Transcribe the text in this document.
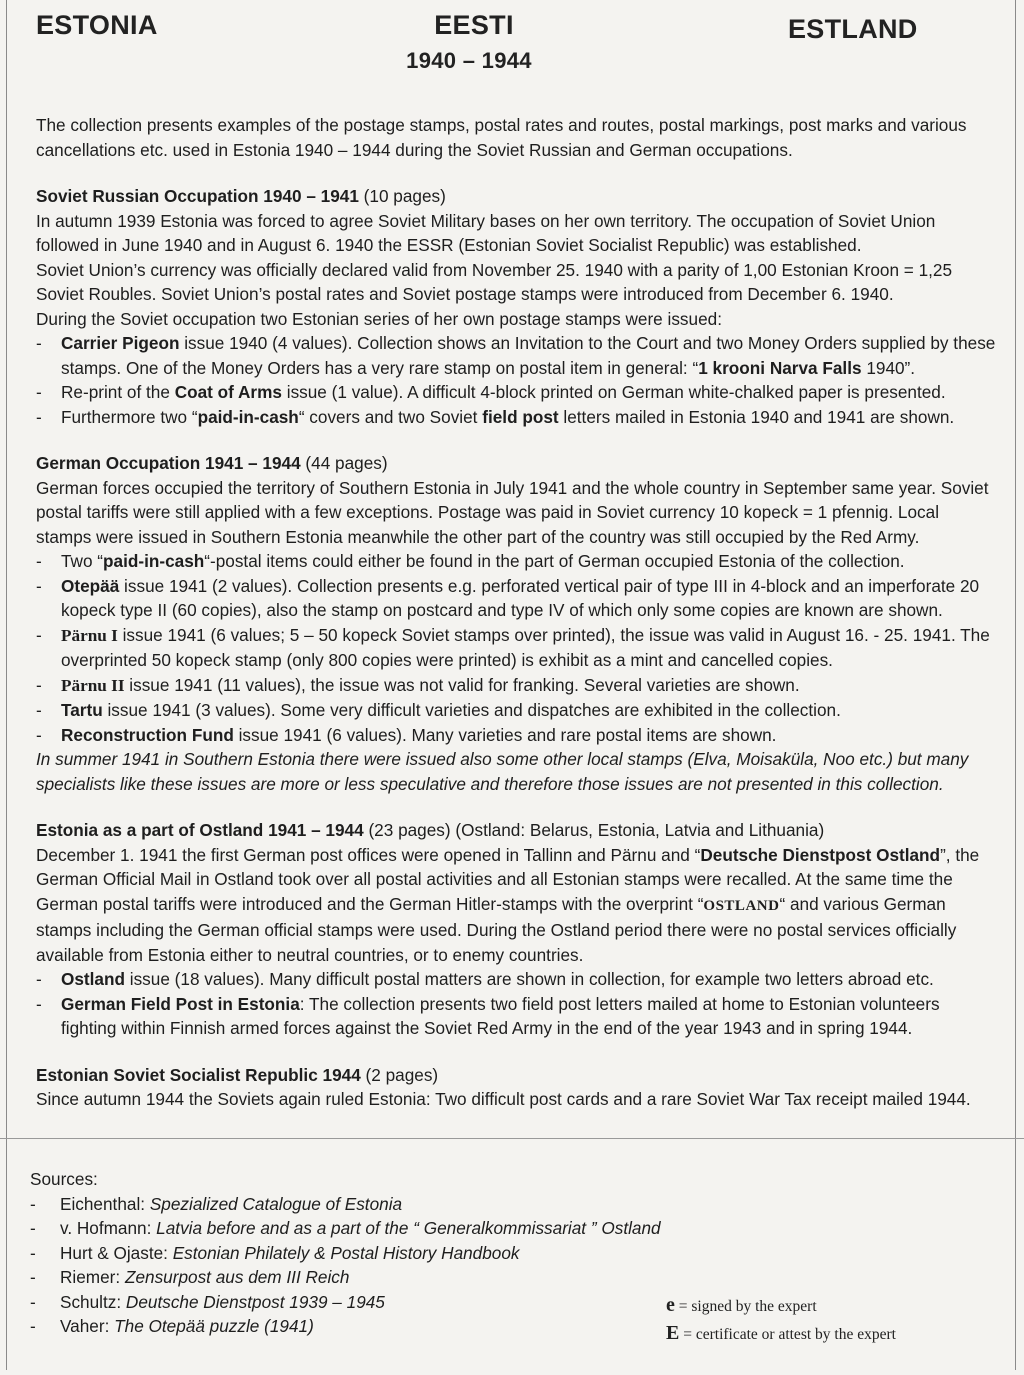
ESTONIA	EESTI	ESTLAND
1940 – 1944

The collection presents examples of the postage stamps, postal rates and routes, postal markings, post marks and various cancellations etc. used in Estonia 1940 – 1944 during the Soviet Russian and German occupations.

Soviet Russian Occupation 1940 – 1941 (10 pages)

In autumn 1939 Estonia was forced to agree Soviet Military bases on her own territory. The occupation of Soviet Union followed in June 1940 and in August 6. 1940 the ESSR (Estonian Soviet Socialist Republic) was established.

Soviet Union’s currency was officially declared valid from November 25. 1940 with a parity of 1,00 Estonian Kroon = 1,25 Soviet Roubles. Soviet Union’s postal rates and Soviet postage stamps were introduced from December 6. 1940.

During the Soviet occupation two Estonian series of her own postage stamps were issued:

-	Carrier Pigeon issue 1940 (4 values). Collection shows an Invitation to the Court and two Money Orders supplied by these stamps. One of the Money Orders has a very rare stamp on postal item in general: “1 krooni Narva Falls 1940”.
-	Re-print of the Coat of Arms issue (1 value). A difficult 4-block printed on German white-chalked paper is presented.
-	Furthermore two “paid-in-cash“ covers and two Soviet field post letters mailed in Estonia 1940 and 1941 are shown.

German Occupation 1941 – 1944 (44 pages)

German forces occupied the territory of Southern Estonia in July 1941 and the whole country in September same year. Soviet postal tariffs were still applied with a few exceptions. Postage was paid in Soviet currency 10 kopeck = 1 pfennig. Local stamps were issued in Southern Estonia meanwhile the other part of the country was still occupied by the Red Army.

-	Two “paid-in-cash“-postal items could either be found in the part of German occupied Estonia of the collection.
-	Otepää issue 1941 (2 values). Collection presents e.g. perforated vertical pair of type III in 4-block and an imperforate 20 kopeck type II (60 copies), also the stamp on postcard and type IV of which only some copies are known are shown.
-	Pärnu I issue 1941 (6 values; 5 – 50 kopeck Soviet stamps over printed), the issue was valid in August 16. - 25. 1941. The overprinted 50 kopeck stamp (only 800 copies were printed) is exhibit as a mint and cancelled copies.
-	Pärnu II issue 1941 (11 values), the issue was not valid for franking. Several varieties are shown.
-	Tartu issue 1941 (3 values). Some very difficult varieties and dispatches are exhibited in the collection.
-	Reconstruction Fund issue 1941 (6 values). Many varieties and rare postal items are shown.

In summer 1941 in Southern Estonia there were issued also some other local stamps (Elva, Moisaküla, Noo etc.) but many specialists like these issues are more or less speculative and therefore those issues are not presented in this collection.

Estonia as a part of Ostland 1941 – 1944 (23 pages) (Ostland: Belarus, Estonia, Latvia and Lithuania)

December 1. 1941 the first German post offices were opened in Tallinn and Pärnu and “Deutsche Dienstpost Ostland”, the German Official Mail in Ostland took over all postal activities and all Estonian stamps were recalled. At the same time the German postal tariffs were introduced and the German Hitler-stamps with the overprint “OSTLAND“ and various German stamps including the German official stamps were used. During the Ostland period there were no postal services officially available from Estonia either to neutral countries, or to enemy countries.

-	Ostland issue (18 values). Many difficult postal matters are shown in collection, for example two letters abroad etc.
-	German Field Post in Estonia: The collection presents two field post letters mailed at home to Estonian volunteers fighting within Finnish armed forces against the Soviet Red Army in the end of the year 1943 and in spring 1944.

Estonian Soviet Socialist Republic 1944 (2 pages)

Since autumn 1944 the Soviets again ruled Estonia: Two difficult post cards and a rare Soviet War Tax receipt mailed 1944.

Sources:

-	Eichenthal: Spezialized Catalogue of Estonia
-	v. Hofmann: Latvia before and as a part of the “ Generalkommissariat ” Ostland
-	Hurt & Ojaste: Estonian Philately & Postal History Handbook
-	Riemer: Zensurpost aus dem III Reich
-	Schultz: Deutsche Dienstpost 1939 – 1945
-	Vaher: The Otepää puzzle (1941)
e = signed by the expert
E = certificate or attest by the expert
